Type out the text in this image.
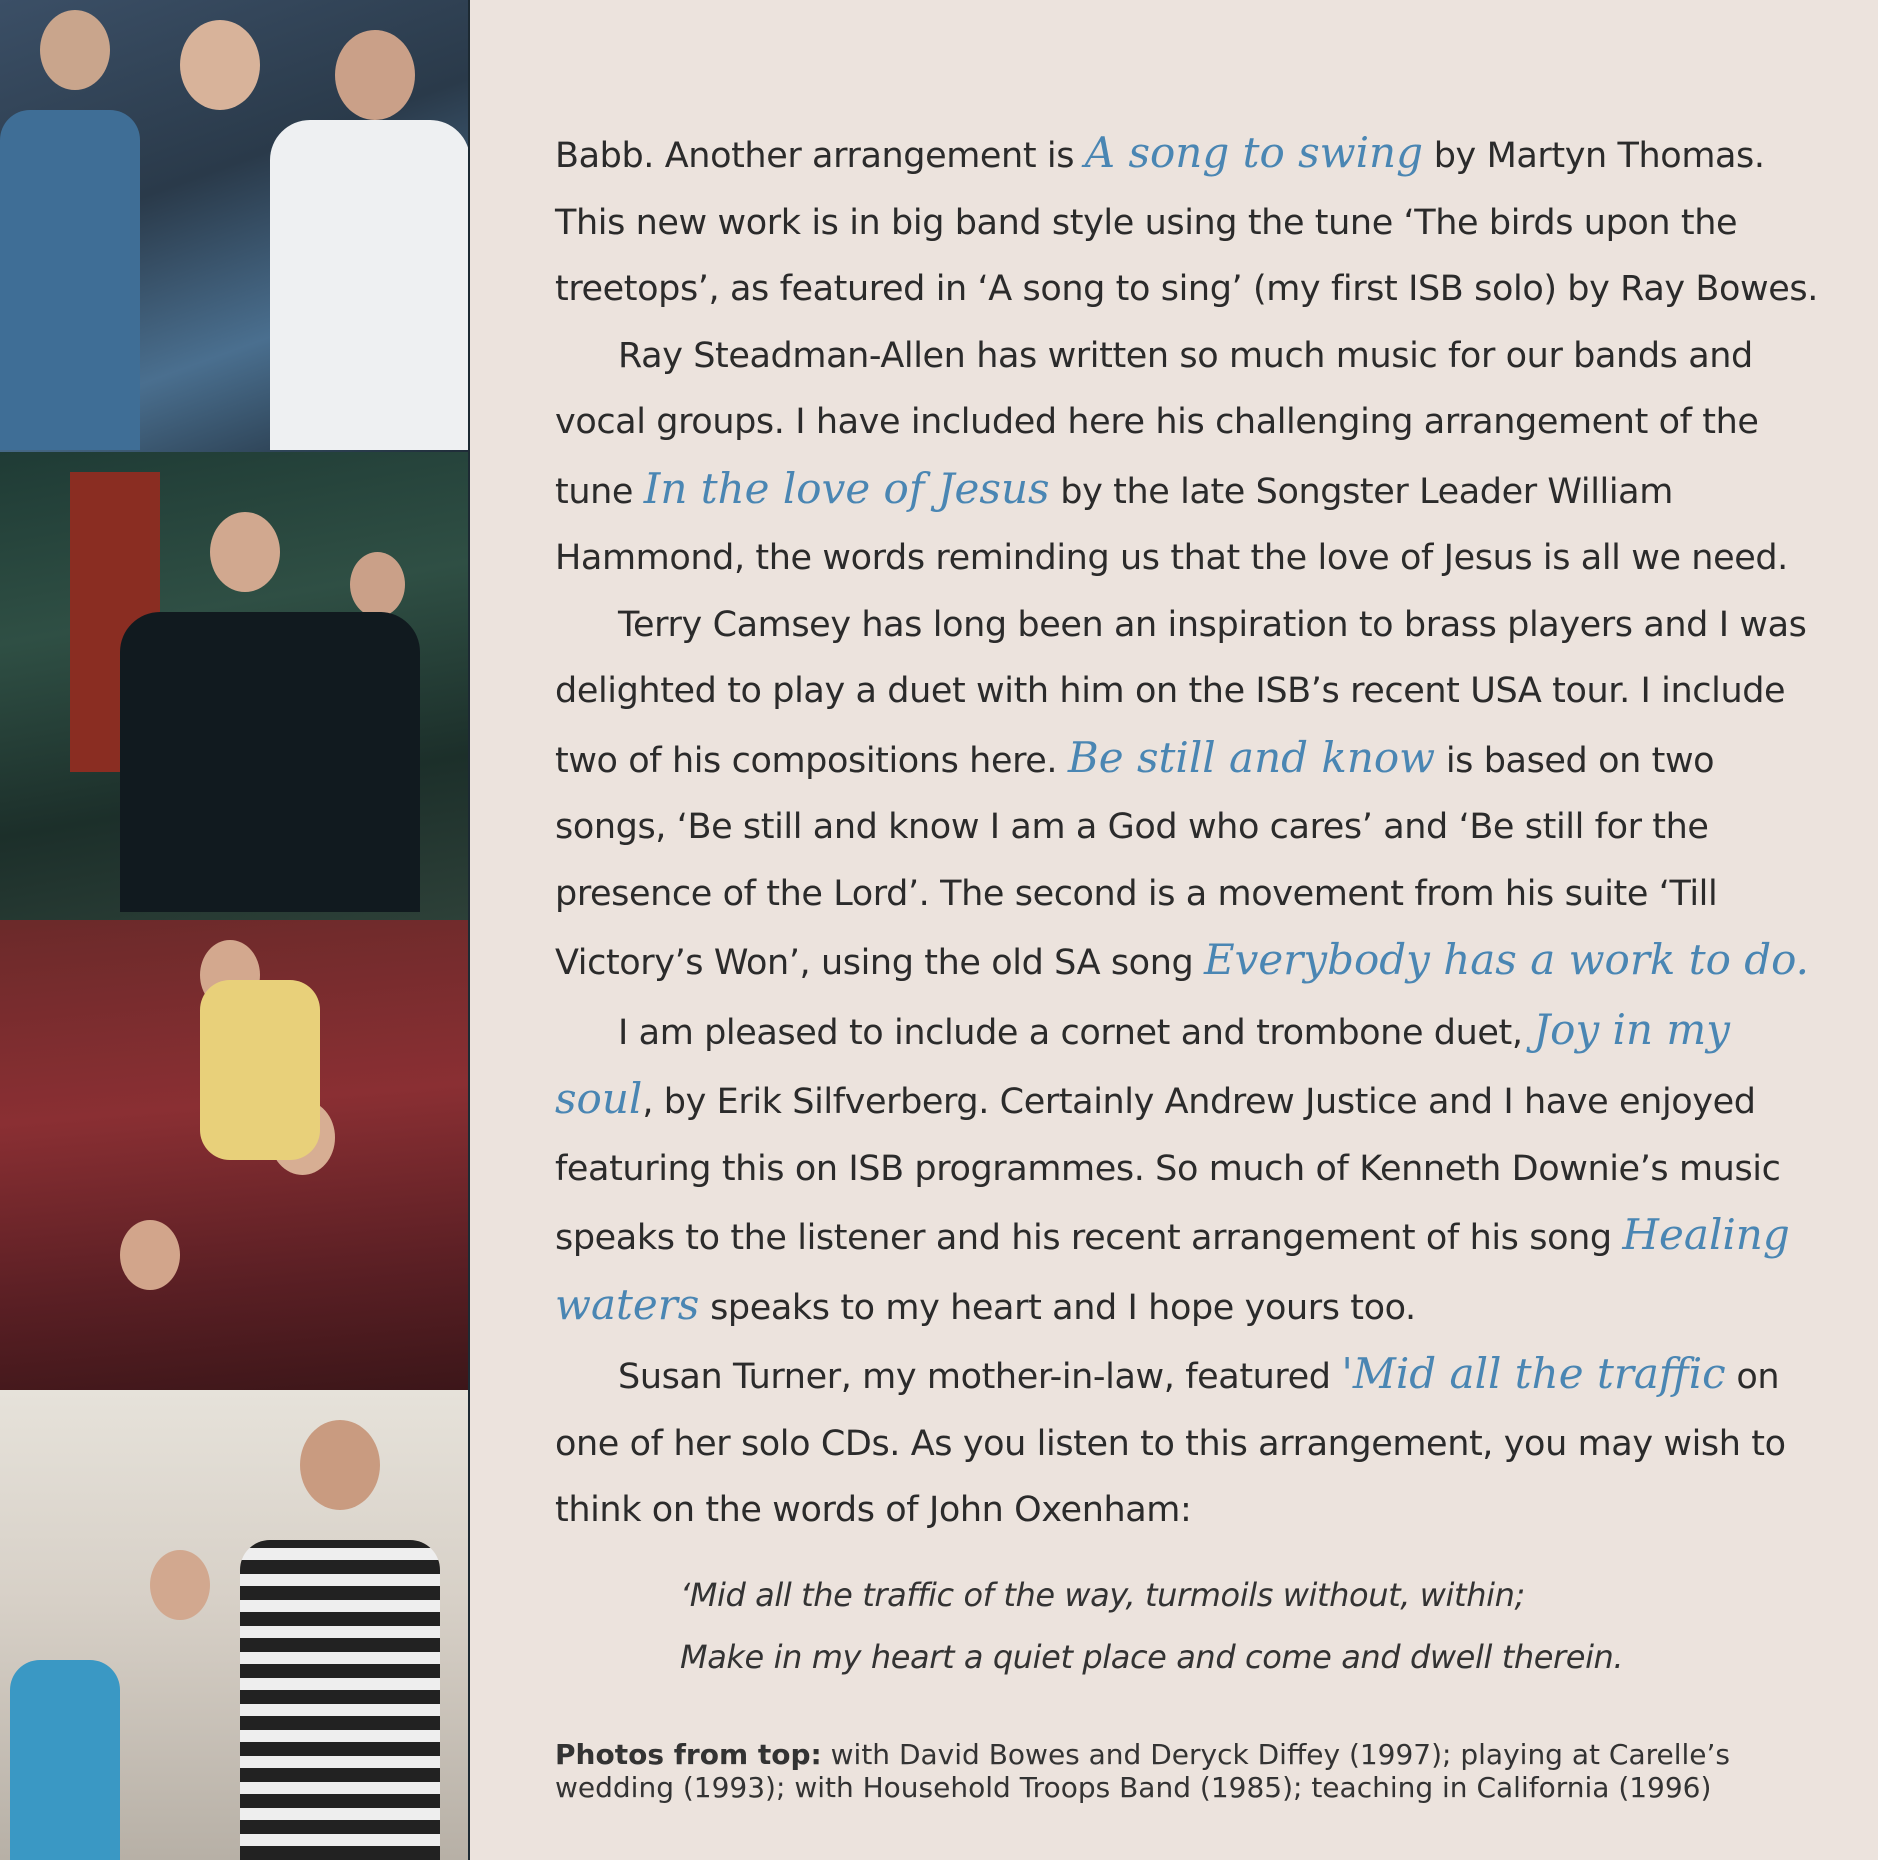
Babb. Another arrangement is A song to swing by Martyn Thomas. This new work is in big band style using the tune ‘The birds upon the treetops’, as featured in ‘A song to sing’ (my first ISB solo) by Ray Bowes.

Ray Steadman-Allen has written so much music for our bands and vocal groups. I have included here his challenging arrangement of the tune In the love of Jesus by the late Songster Leader William Hammond, the words reminding us that the love of Jesus is all we need.

Terry Camsey has long been an inspiration to brass players and I was delighted to play a duet with him on the ISB’s recent USA tour. I include two of his compositions here. Be still and know is based on two songs, ‘Be still and know I am a God who cares’ and ‘Be still for the presence of the Lord’. The second is a movement from his suite ‘Till Victory’s Won’, using the old SA song Everybody has a work to do.

I am pleased to include a cornet and trombone duet, Joy in my soul, by Erik Silfverberg. Certainly Andrew Justice and I have enjoyed featuring this on ISB programmes. So much of Kenneth Downie’s music speaks to the listener and his recent arrangement of his song Healing waters speaks to my heart and I hope yours too.

Susan Turner, my mother-in-law, featured 'Mid all the traffic on one of her solo CDs. As you listen to this arrangement, you may wish to think on the words of John Oxenham:

‘Mid all the traffic of the way, turmoils without, within;
Make in my heart a quiet place and come and dwell therein.
Photos from top: with David Bowes and Deryck Diffey (1997); playing at Carelle’s wedding (1993); with Household Troops Band (1985); teaching in California (1996)
